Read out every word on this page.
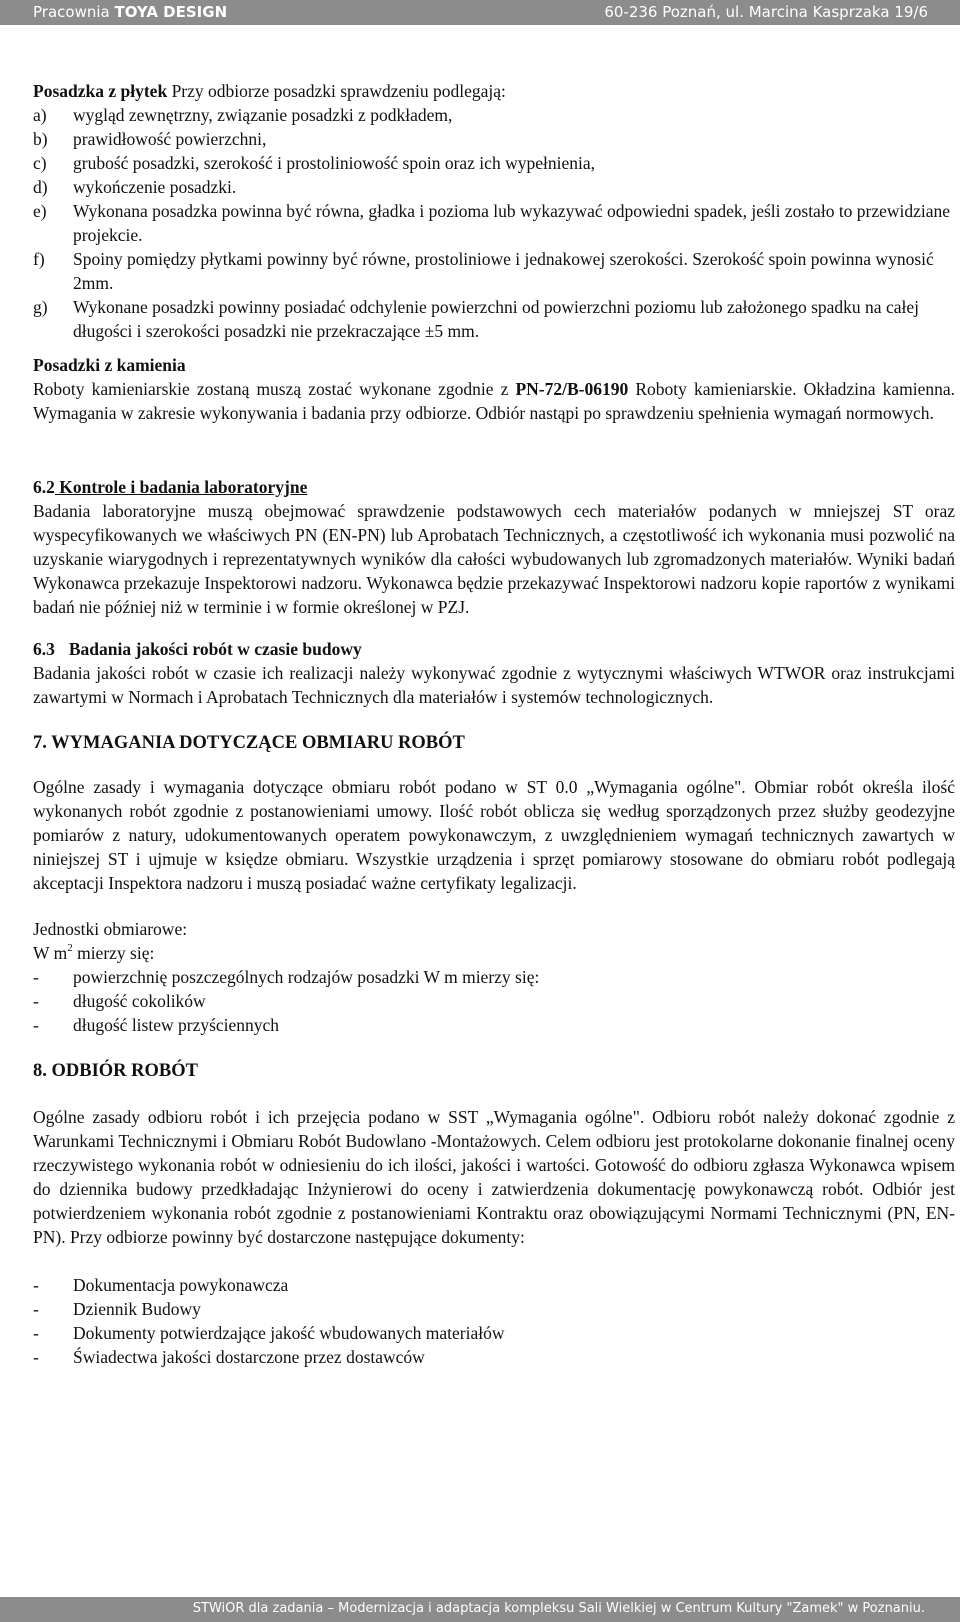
Pracownia TOYA DESIGN	60-236 Poznań, ul. Marcina Kasprzaka 19/6

Posadzka z płytek Przy odbiorze posadzki sprawdzeniu podlegają:

a) wygląd zewnętrzny, związanie posadzki z podkładem,
b) prawidłowość powierzchni,
c) grubość posadzki, szerokość i prostoliniowość spoin oraz ich wypełnienia,
d) wykończenie posadzki.
e) Wykonana posadzka powinna być równa, gładka i pozioma lub wykazywać odpowiedni spadek, jeśli zostało to przewidziane projekcie.
f) Spoiny pomiędzy płytkami powinny być równe, prostoliniowe i jednakowej szerokości. Szerokość spoin powinna wynosić 2mm.
g) Wykonane posadzki powinny posiadać odchylenie powierzchni od powierzchni poziomu lub założonego spadku na całej długości i szerokości posadzki nie przekraczające ±5 mm.

Posadzki z kamienia

Roboty kamieniarskie zostaną muszą zostać wykonane zgodnie z PN-72/B-06190 Roboty kamieniarskie. Okładzina kamienna. Wymagania w zakresie wykonywania i badania przy odbiorze. Odbiór nastąpi po sprawdzeniu spełnienia wymagań normowych.

6.2 Kontrole i badania laboratoryjne

Badania laboratoryjne muszą obejmować sprawdzenie podstawowych cech materiałów podanych w mniejszej ST oraz wyspecyfikowanych we właściwych PN (EN-PN) lub Aprobatach Technicznych, a częstotliwość ich wykonania musi pozwolić na uzyskanie wiarygodnych i reprezentatywnych wyników dla całości wybudowanych lub zgromadzonych materiałów. Wyniki badań Wykonawca przekazuje Inspektorowi nadzoru. Wykonawca będzie przekazywać Inspektorowi nadzoru kopie raportów z wynikami badań nie później niż w terminie i w formie określonej w PZJ.

6.3 Badania jakości robót w czasie budowy

Badania jakości robót w czasie ich realizacji należy wykonywać zgodnie z wytycznymi właściwych WTWOR oraz instrukcjami zawartymi w Normach i Aprobatach Technicznych dla materiałów i systemów technologicznych.

7. WYMAGANIA DOTYCZĄCE OBMIARU ROBÓT

Ogólne zasady i wymagania dotyczące obmiaru robót podano w ST 0.0 „Wymagania ogólne". Obmiar robót określa ilość wykonanych robót zgodnie z postanowieniami umowy. Ilość robót oblicza się według sporządzonych przez służby geodezyjne pomiarów z natury, udokumentowanych operatem powykonawczym, z uwzględnieniem wymagań technicznych zawartych w niniejszej ST i ujmuje w księdze obmiaru. Wszystkie urządzenia i sprzęt pomiarowy stosowane do obmiaru robót podlegają akceptacji Inspektora nadzoru i muszą posiadać ważne certyfikaty legalizacji.

Jednostki obmiarowe:

W $m^2$ mierzy się:

- powierzchnię poszczególnych rodzajów posadzki W m mierzy się:
- długość cokolików
- długość listew przyściennych

8. ODBIÓR ROBÓT

Ogólne zasady odbioru robót i ich przejęcia podano w SST „Wymagania ogólne". Odbioru robót należy dokonać zgodnie z Warunkami Technicznymi i Obmiaru Robót Budowlano -Montażowych. Celem odbioru jest protokolarne dokonanie finalnej oceny rzeczywistego wykonania robót w odniesieniu do ich ilości, jakości i wartości. Gotowość do odbioru zgłasza Wykonawca wpisem do dziennika budowy przedkładając Inżynierowi do oceny i zatwierdzenia dokumentację powykonawczą robót. Odbiór jest potwierdzeniem wykonania robót zgodnie z postanowieniami Kontraktu oraz obowiązującymi Normami Technicznymi (PN, EN-PN). Przy odbiorze powinny być dostarczone następujące dokumenty:

- Dokumentacja powykonawcza
- Dziennik Budowy
- Dokumenty potwierdzające jakość wbudowanych materiałów
- Świadectwa jakości dostarczone przez dostawców
STWiOR dla zadania – Modernizacja i adaptacja kompleksu Sali Wielkiej w Centrum Kultury "Zamek" w Poznaniu.
